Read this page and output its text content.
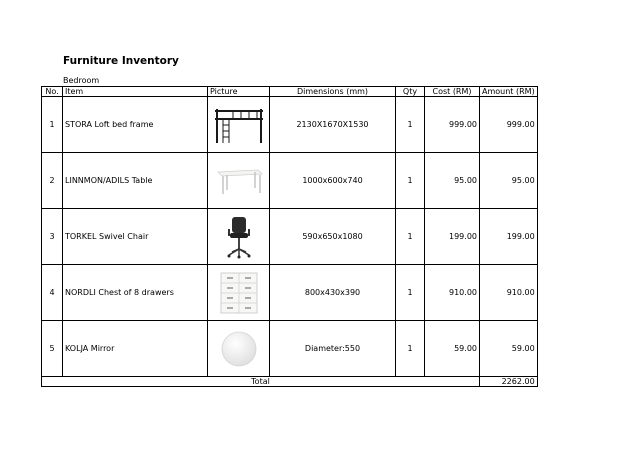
Furniture Inventory
Bedroom
No.	Item	Picture	Dimensions (mm)	Qty	Cost (RM)	Amount (RM)
1	STORA Loft bed frame		2130X1670X1530	1	999.00	999.00
2	LINNMON/ADILS Table		1000x600x740	1	95.00	95.00
3	TORKEL Swivel Chair		590x650x1080	1	199.00	199.00
4	NORDLI Chest of 8 drawers		800x430x390	1	910.00	910.00
5	KOLJA Mirror		Diameter:550	1	59.00	59.00
Total						2262.00
